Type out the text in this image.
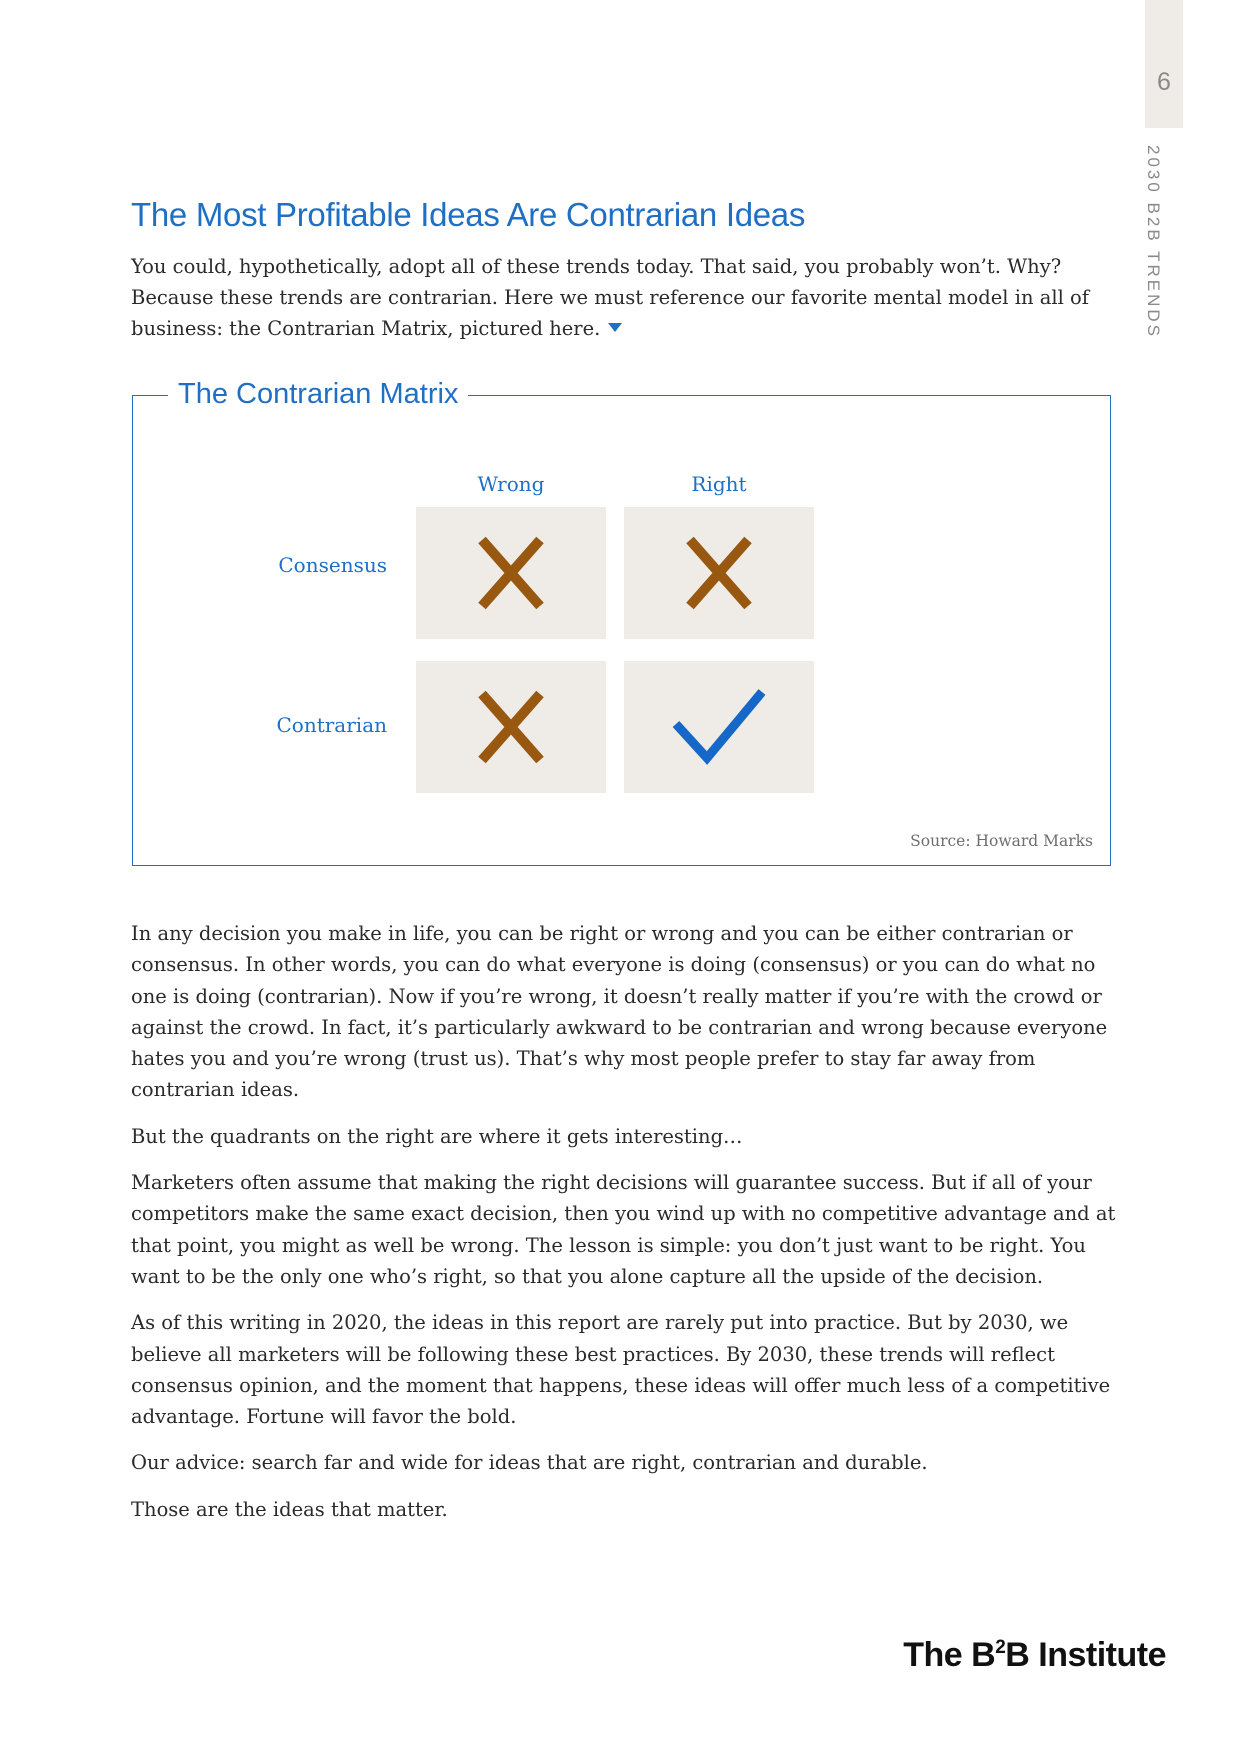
6
2030 B2B TRENDS
The Most Profitable Ideas Are Contrarian Ideas

You could, hypothetically, adopt all of these trends today. That said, you probably won’t. Why? Because these trends are contrarian. Here we must reference our favorite mental model in all of business: the Contrarian Matrix, pictured here.

The Contrarian Matrix
Wrong	Right
Consensus
Contrarian
Source: Howard Marks

In any decision you make in life, you can be right or wrong and you can be either contrarian or consensus. In other words, you can do what everyone is doing (consensus) or you can do what no one is doing (contrarian). Now if you’re wrong, it doesn’t really matter if you’re with the crowd or against the crowd. In fact, it’s particularly awkward to be contrarian and wrong because everyone hates you and you’re wrong (trust us). That’s why most people prefer to stay far away from contrarian ideas.

But the quadrants on the right are where it gets interesting…

Marketers often assume that making the right decisions will guarantee success. But if all of your competitors make the same exact decision, then you wind up with no competitive advantage and at that point, you might as well be wrong. The lesson is simple: you don’t just want to be right. You want to be the only one who’s right, so that you alone capture all the upside of the decision.

As of this writing in 2020, the ideas in this report are rarely put into practice. But by 2030, we believe all marketers will be following these best practices. By 2030, these trends will reflect consensus opinion, and the moment that happens, these ideas will offer much less of a competitive advantage. Fortune will favor the bold.

Our advice: search far and wide for ideas that are right, contrarian and durable.

Those are the ideas that matter.

The $B^2B$ Institute
